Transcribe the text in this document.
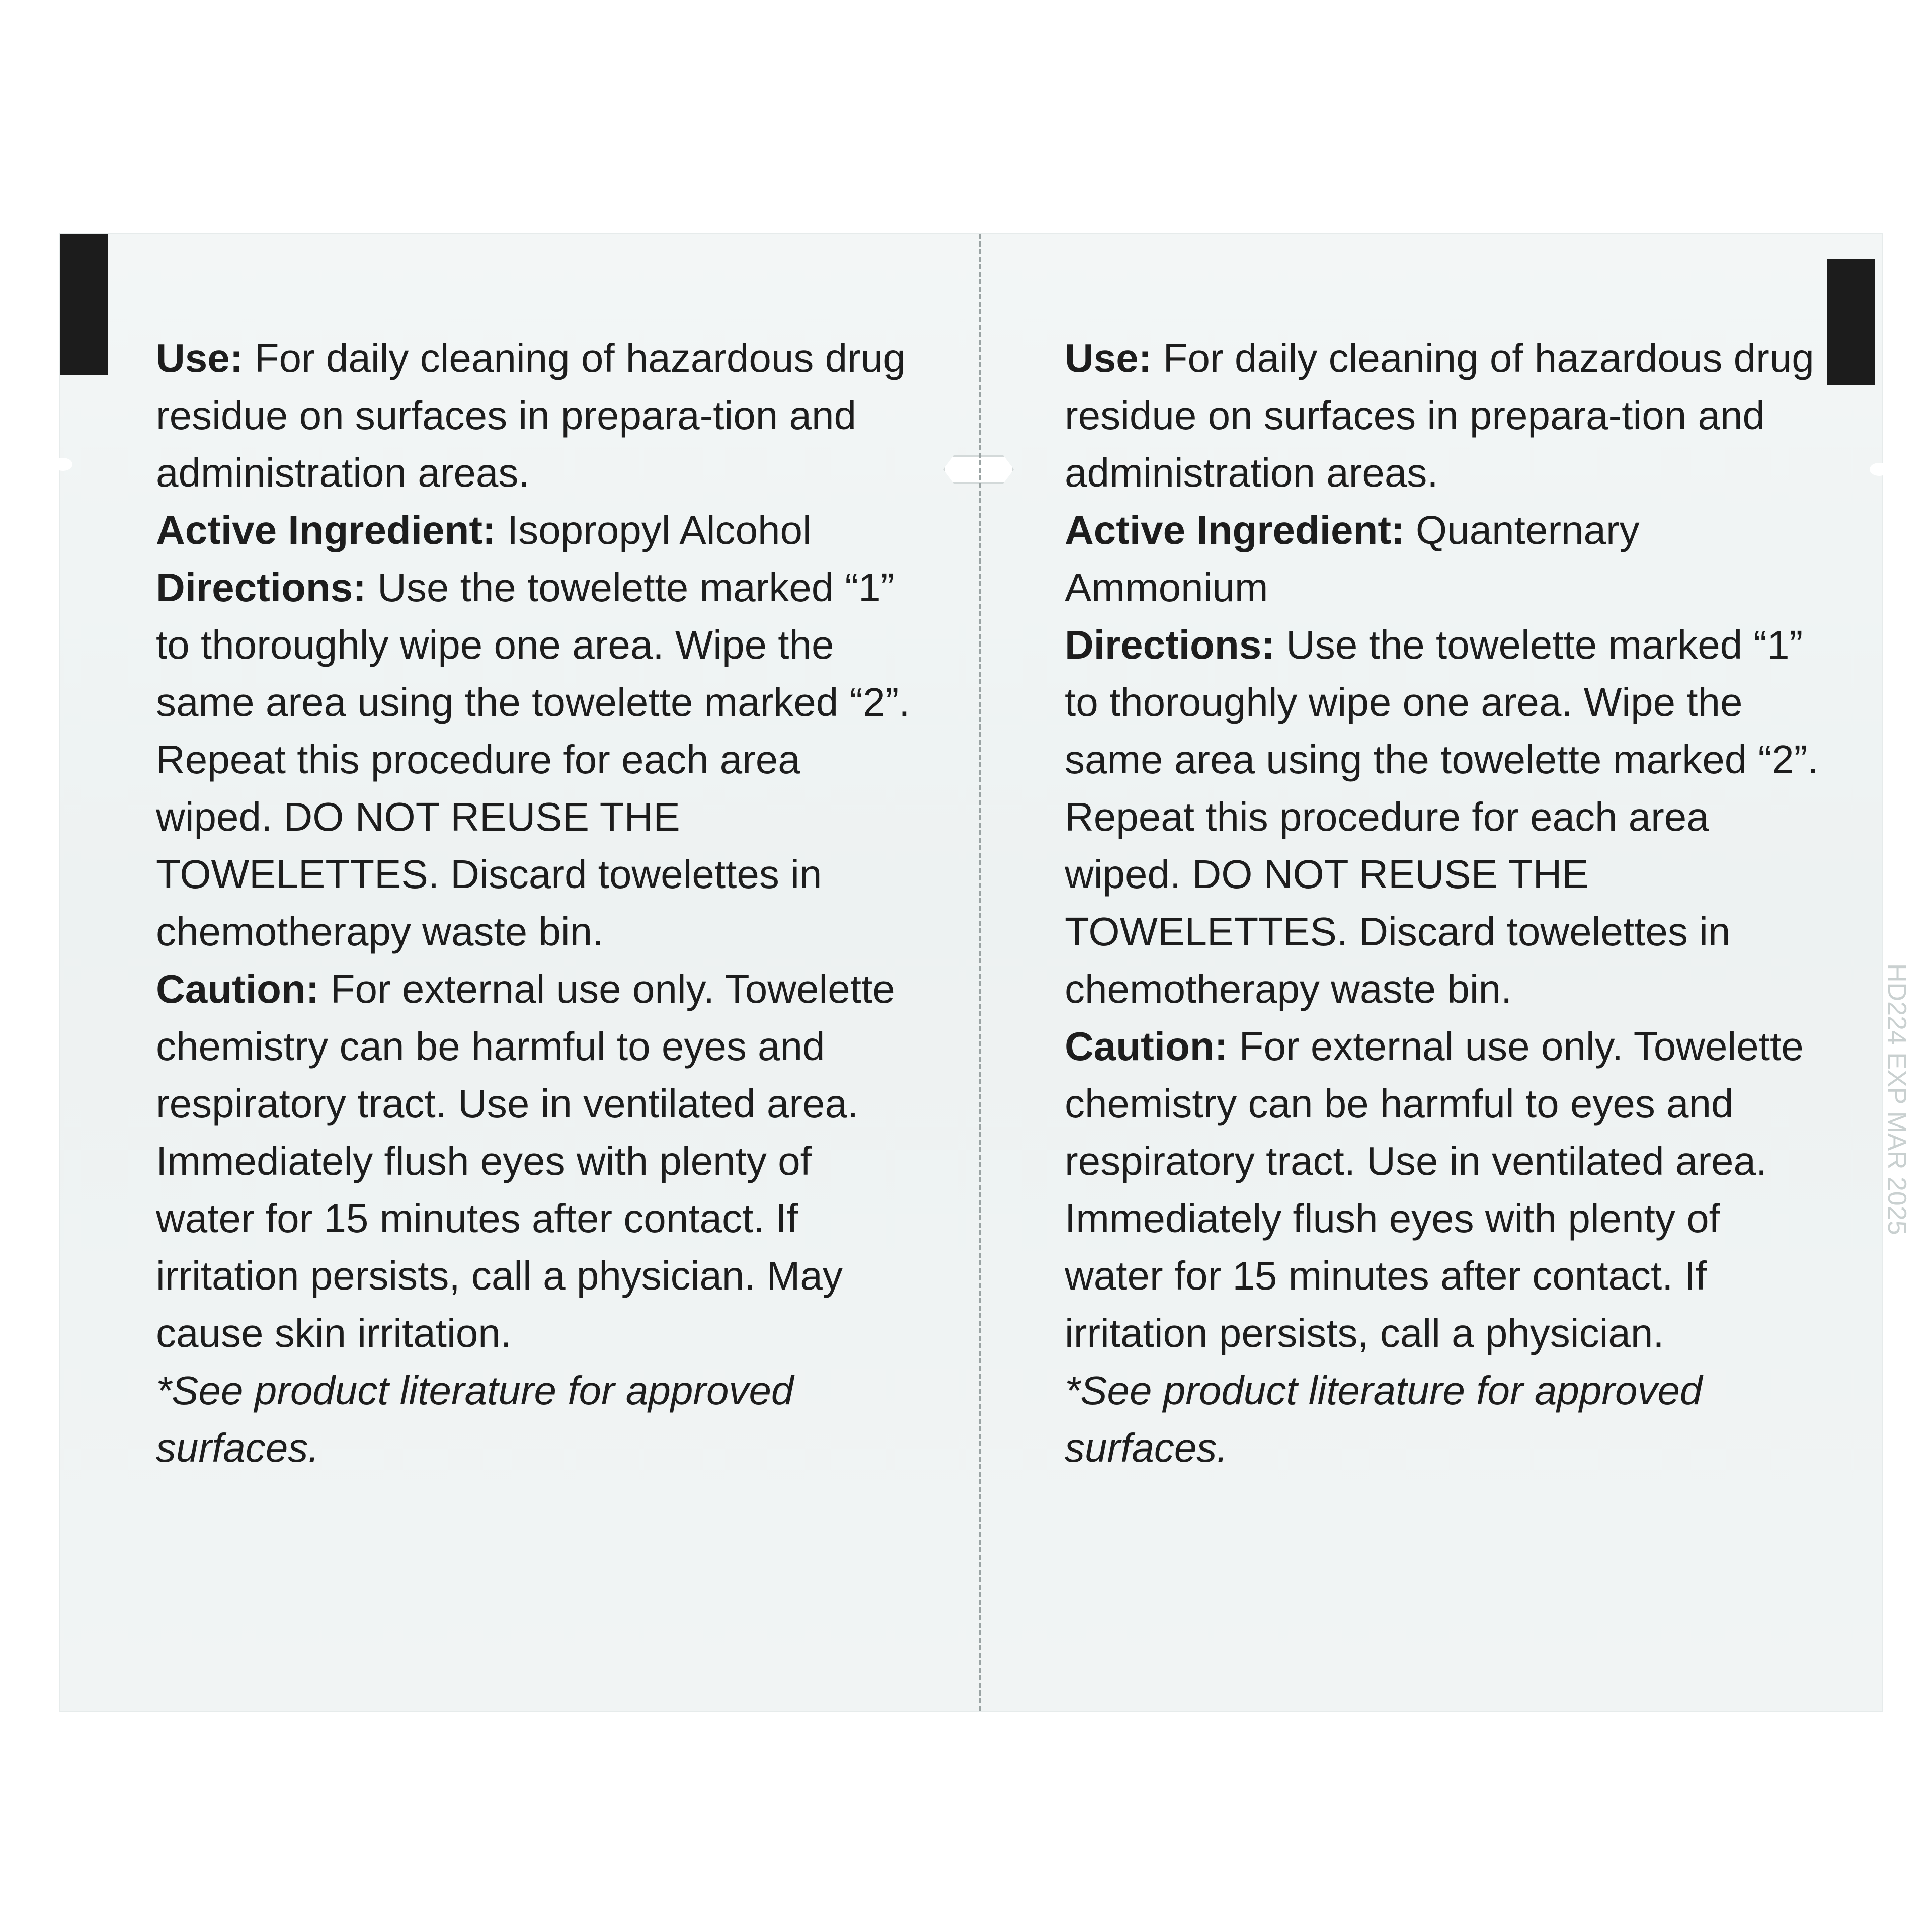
HD224 EXP MAR 2025

Use: For daily cleaning of hazardous drug residue on surfaces in prepara-tion and administration areas.

Active Ingredient: Isopropyl Alcohol

Directions: Use the towelette marked “1” to thoroughly wipe one area. Wipe the same area using the towelette marked “2”. Repeat this procedure for each area wiped. DO NOT REUSE THE TOWELETTES. Discard towelettes in chemotherapy waste bin.

Caution: For external use only. Towelette chemistry can be harmful to eyes and respiratory tract. Use in ventilated area. Immediately flush eyes with plenty of water for 15 minutes after contact. If irritation persists, call a physician. May cause skin irritation.

*See product literature for approved surfaces.

Use: For daily cleaning of hazardous drug residue on surfaces in prepara-tion and administration areas.

Active Ingredient: Quanternary Ammonium

Directions: Use the towelette marked “1” to thoroughly wipe one area. Wipe the same area using the towelette marked “2”. Repeat this procedure for each area wiped. DO NOT REUSE THE TOWELETTES. Discard towelettes in chemotherapy waste bin.

Caution: For external use only. Towelette chemistry can be harmful to eyes and respiratory tract. Use in ventilated area. Immediately flush eyes with plenty of water for 15 minutes after contact. If irritation persists, call a physician.

*See product literature for approved surfaces.
